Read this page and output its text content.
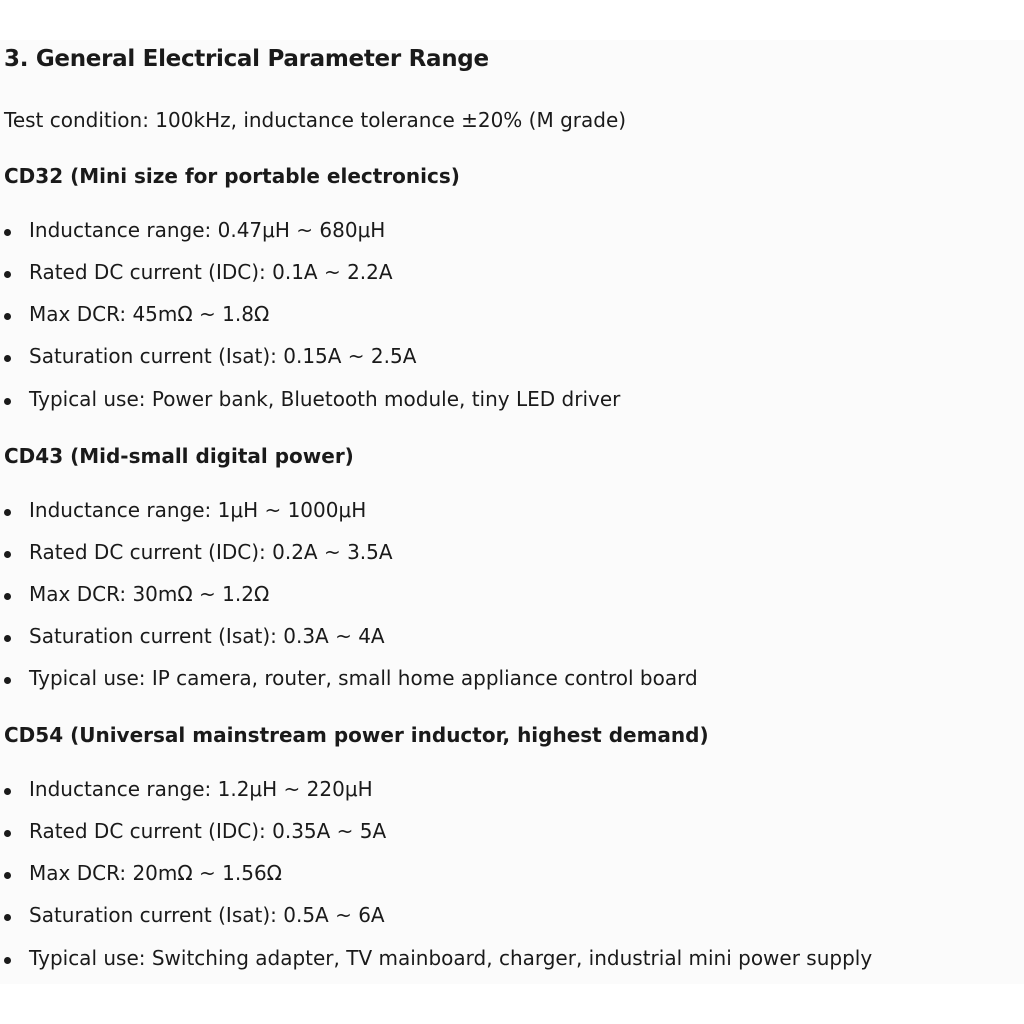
3. General Electrical Parameter Range
Test condition: 100kHz, inductance tolerance ±20% (M grade)
CD32 (Mini size for portable electronics)
Inductance range: 0.47μH ~ 680μH
Rated DC current (IDC): 0.1A ~ 2.2A
Max DCR: 45mΩ ~ 1.8Ω
Saturation current (Isat): 0.15A ~ 2.5A
Typical use: Power bank, Bluetooth module, tiny LED driver
CD43 (Mid-small digital power)
Inductance range: 1μH ~ 1000μH
Rated DC current (IDC): 0.2A ~ 3.5A
Max DCR: 30mΩ ~ 1.2Ω
Saturation current (Isat): 0.3A ~ 4A
Typical use: IP camera, router, small home appliance control board
CD54 (Universal mainstream power inductor, highest demand)
Inductance range: 1.2μH ~ 220μH
Rated DC current (IDC): 0.35A ~ 5A
Max DCR: 20mΩ ~ 1.56Ω
Saturation current (Isat): 0.5A ~ 6A
Typical use: Switching adapter, TV mainboard, charger, industrial mini power supply
